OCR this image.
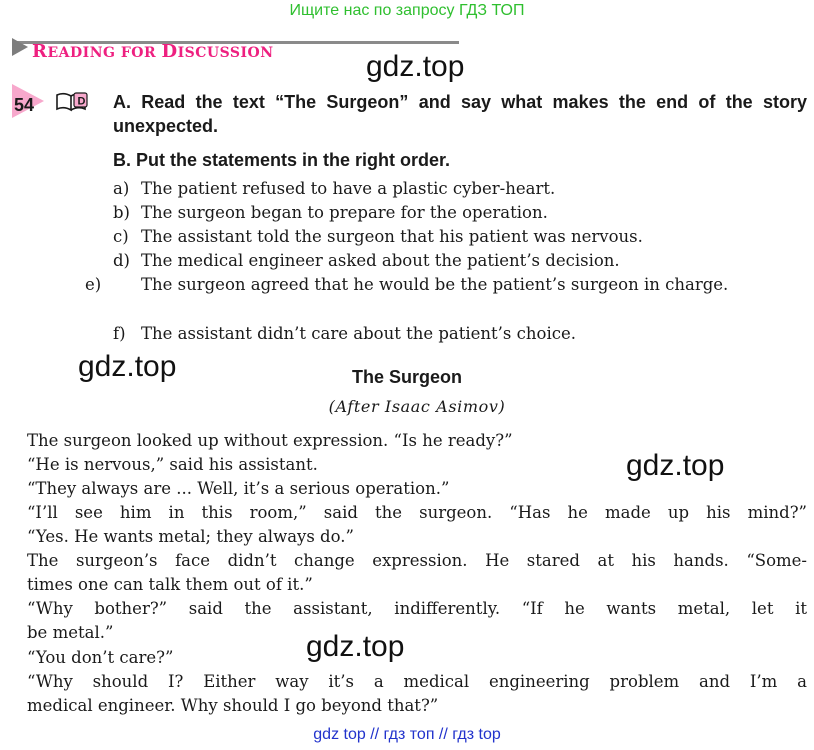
Ищите нас по запросу ГДЗ ТОП
READING FOR DISCUSSION	gdz.top
54	D A. Read the text “The Surgeon” and say what makes the end of the story unexpected.
B. Put the statements in the right order.
a) The patient refused to have a plastic cyber-heart.
b) The surgeon began to prepare for the operation.
c) The assistant told the surgeon that his patient was nervous.
d) The medical engineer asked about the patient’s decision.
e) The surgeon agreed that he would be the patient’s surgeon in charge.
f) The assistant didn’t care about the patient’s choice.
gdz.top	The Surgeon
(After Isaac Asimov)
The surgeon looked up without expression. “Is he ready?”
“He is nervous,” said his assistant.
“They always are ... Well, it’s a serious operation.”
“I’ll see him in this room,” said the surgeon. “Has he made up his mind?”
“Yes. He wants metal; they always do.”
The surgeon’s face didn’t change expression. He stared at his hands. “Some-
times one can talk them out of it.”
“Why bother?” said the assistant, indifferently. “If he wants metal, let it
be metal.”
“You don’t care?”
“Why should I? Either way it’s a medical engineering problem and I’m a
medical engineer. Why should I go beyond that?”
gdz.top
gdz.top
gdz top // гдз топ // гдз top
